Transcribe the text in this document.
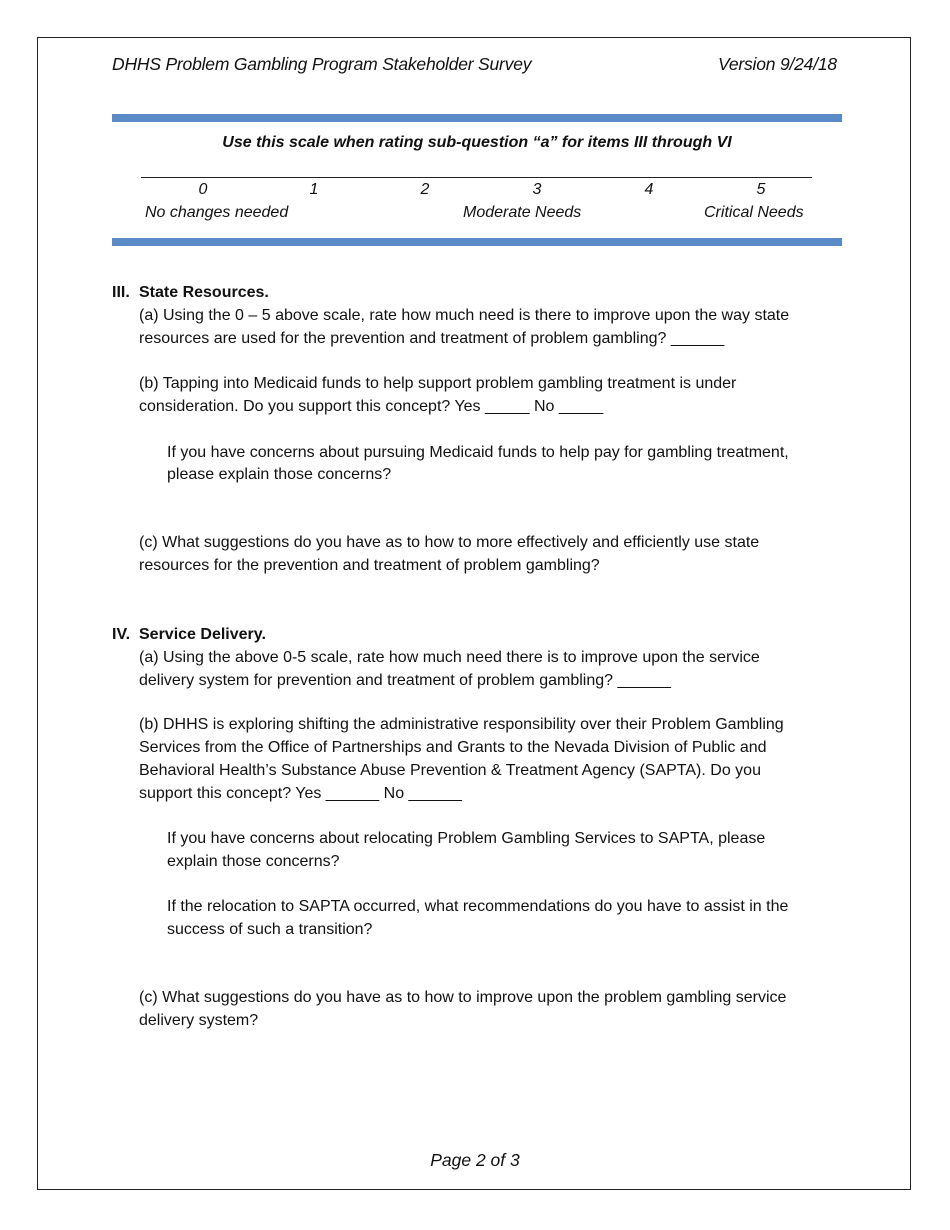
DHHS Problem Gambling Program Stakeholder Survey	Version 9/24/18
Use this scale when rating sub-question “a” for items III through VI
0	1	2	3	4	5
No changes needed	Moderate Needs	Critical Needs
III. State Resources.
(a) Using the 0 – 5 above scale, rate how much need is there to improve upon the way state
resources are used for the prevention and treatment of problem gambling? ______
(b) Tapping into Medicaid funds to help support problem gambling treatment is under
consideration. Do you support this concept? Yes _____ No _____
If you have concerns about pursuing Medicaid funds to help pay for gambling treatment,
please explain those concerns?
(c) What suggestions do you have as to how to more effectively and efficiently use state
resources for the prevention and treatment of problem gambling?
IV. Service Delivery.
(a) Using the above 0-5 scale, rate how much need there is to improve upon the service
delivery system for prevention and treatment of problem gambling? ______
(b) DHHS is exploring shifting the administrative responsibility over their Problem Gambling
Services from the Office of Partnerships and Grants to the Nevada Division of Public and
Behavioral Health’s Substance Abuse Prevention & Treatment Agency (SAPTA). Do you
support this concept? Yes ______ No ______
If you have concerns about relocating Problem Gambling Services to SAPTA, please
explain those concerns?
If the relocation to SAPTA occurred, what recommendations do you have to assist in the
success of such a transition?
(c) What suggestions do you have as to how to improve upon the problem gambling service
delivery system?
Page 2 of 3
